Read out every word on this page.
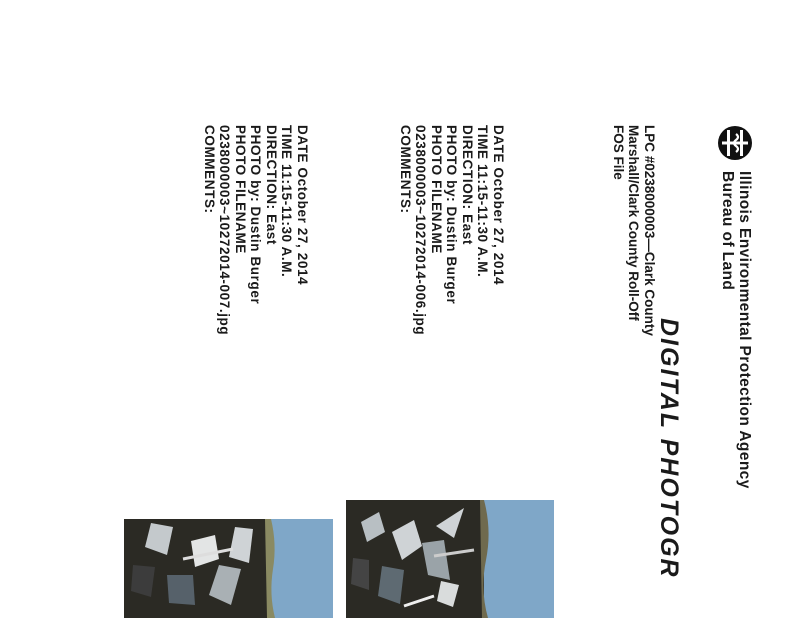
Illinois Environmental Protection Agency
Bureau of Land
DIGITAL PHOTOGR
LPC #0238000003—Clark County
Marshall/Clark County Roll-Off
FOS File
DATE October 27, 2014
TIME 11:15-11:30 A.M.
DIRECTION: East
PHOTO by: Dustin Burger
PHOTO FILENAME
0238000003~10272014-006.jpg
COMMENTS:
DATE October 27, 2014
TIME 11:15-11:30 A.M.
DIRECTION: East
PHOTO by: Dustin Burger
PHOTO FILENAME
0238000003~10272014-007.jpg
COMMENTS:
